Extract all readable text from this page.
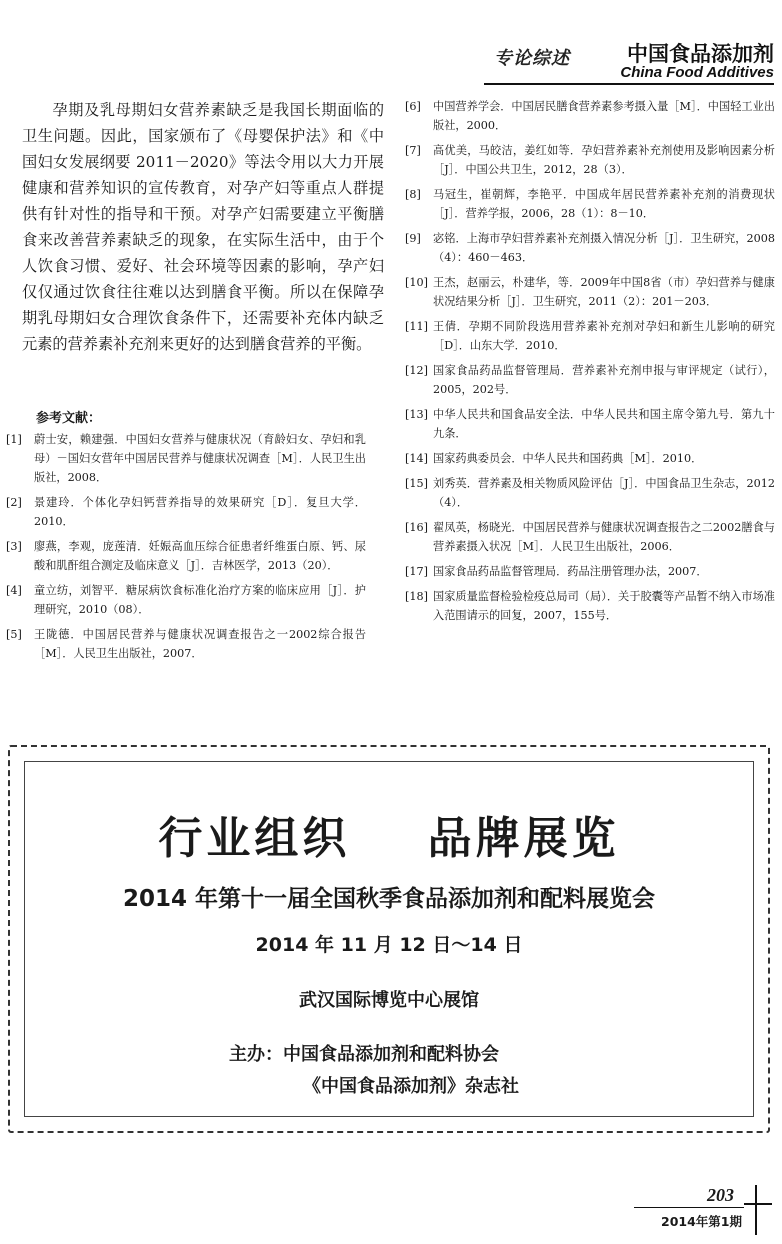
专论综述	中国食品添加剂
China Food Additives

孕期及乳母期妇女营养素缺乏是我国长期面临的卫生问题。因此，国家颁布了《母婴保护法》和《中国妇女发展纲要 2011－2020》等法令用以大力开展健康和营养知识的宣传教育，对孕产妇等重点人群提供有针对性的指导和干预。对孕产妇需要建立平衡膳食来改善营养素缺乏的现象，在实际生活中，由于个人饮食习惯、爱好、社会环境等因素的影响，孕产妇仅仅通过饮食往往难以达到膳食平衡。所以在保障孕期乳母期妇女合理饮食条件下，还需要补充体内缺乏元素的营养素补充剂来更好的达到膳食营养的平衡。

参考文献：
[1]	蔚士安，赖建强．中国妇女营养与健康状况（育龄妇女、孕妇和乳母）－国妇女营年中国居民营养与健康状况调查［M］．人民卫生出版社，2008．
[2]	景建玲．个体化孕妇钙营养指导的效果研究［D］．复旦大学．2010．
[3]	廖燕，李观，庞莲清．妊娠高血压综合征患者纤维蛋白原、钙、尿酸和肌酐组合测定及临床意义［J］．吉林医学，2013（20）．
[4]	童立纺，刘智平．糖尿病饮食标准化治疗方案的临床应用［J］．护理研究，2010（08）．
[5]	王陇德．中国居民营养与健康状况调查报告之一2002综合报告［M］．人民卫生出版社，2007．
[6]	中国营养学会．中国居民膳食营养素参考摄入量［M］．中国轻工业出版社，2000．
[7]	高优美，马皎洁，姜红如等．孕妇营养素补充剂使用及影响因素分析［J］．中国公共卫生，2012，28（3）．
[8]	马冠生，崔朝辉，李艳平．中国成年居民营养素补充剂的消费现状［J］．营养学报，2006，28（1）：8－10．
[9]	宓铭．上海市孕妇营养素补充剂摄入情况分析［J］．卫生研究，2008（4）：460－463．
[10] 王杰，赵丽云，朴建华，等．2009年中国8省（市）孕妇营养与健康状况结果分析［J］．卫生研究，2011（2）：201－203．
[11] 王倩．孕期不同阶段选用营养素补充剂对孕妇和新生儿影响的研究［D］．山东大学．2010．
[12] 国家食品药品监督管理局．营养素补充剂申报与审评规定（试行），2005，202号．
[13] 中华人民共和国食品安全法．中华人民共和国主席令第九号．第九十九条．
[14] 国家药典委员会．中华人民共和国药典［M］．2010．
[15] 刘秀英．营养素及相关物质风险评估［J］．中国食品卫生杂志，2012（4）．
[16] 翟凤英，杨晓光．中国居民营养与健康状况调查报告之二2002膳食与营养素摄入状况［M］．人民卫生出版社，2006．
[17] 国家食品药品监督管理局．药品注册管理办法，2007．
[18] 国家质量监督检验检疫总局司（局）．关于胶囊等产品暂不纳入市场准入范围请示的回复，2007，155号．
行业组织    品牌展览
2014 年第十一届全国秋季食品添加剂和配料展览会
2014 年 11 月 12 日～14 日
武汉国际博览中心展馆
主办：中国食品添加剂和配料协会
《中国食品添加剂》杂志社
203
2014年第1期
